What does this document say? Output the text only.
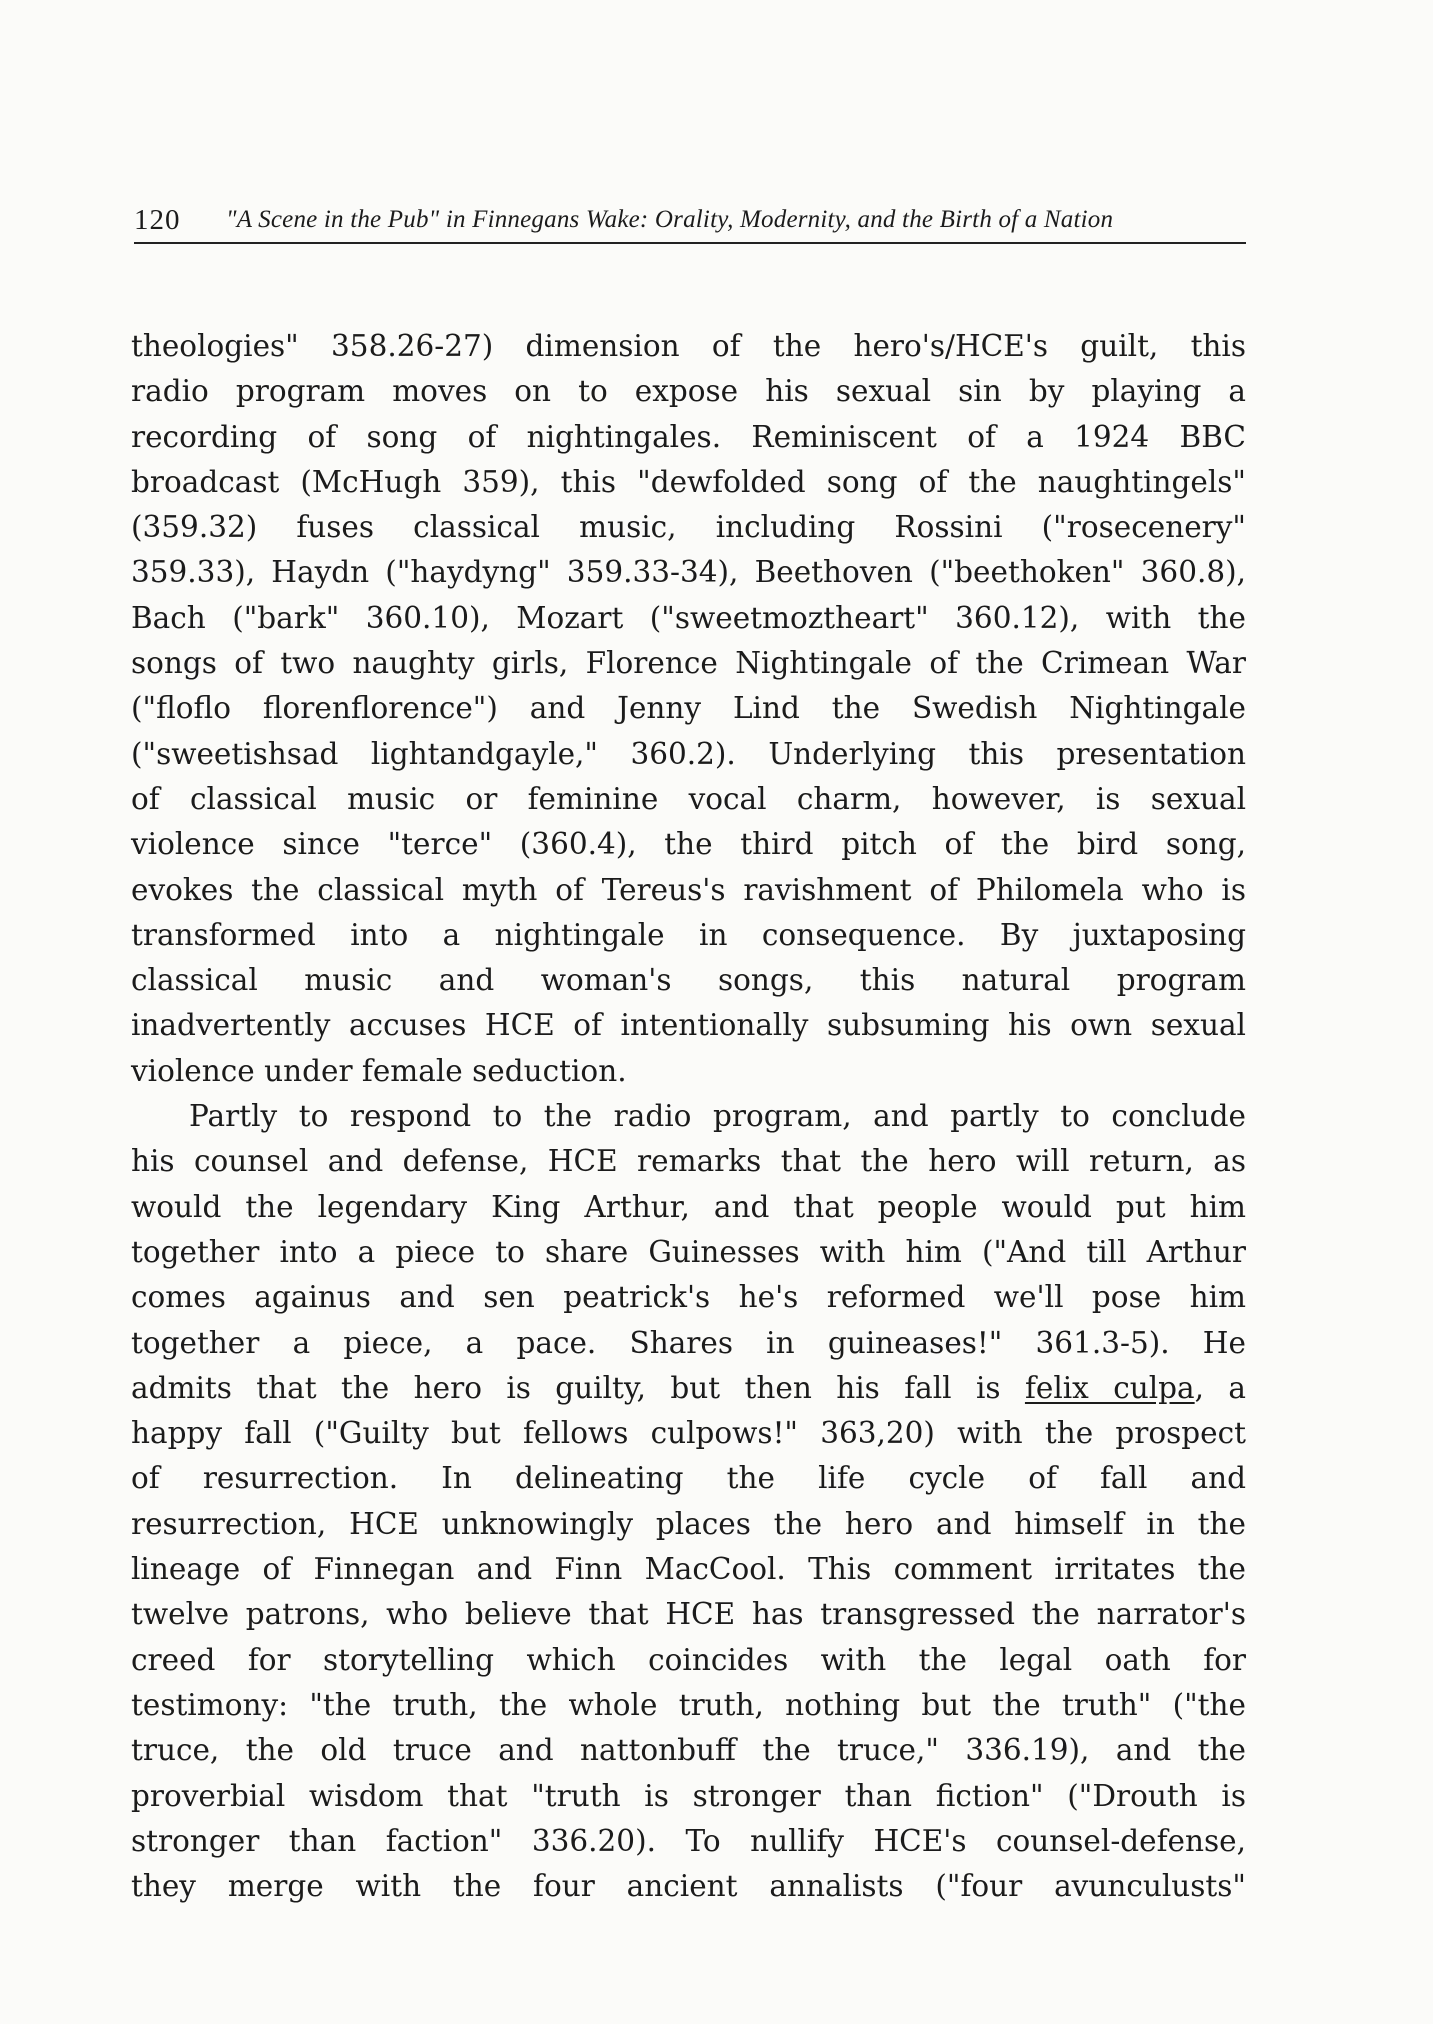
120 "A Scene in the Pub" in Finnegans Wake: Orality, Modernity, and the Birth of a Nation
theologies" 358.26-27) dimension of the hero's/HCE's guilt, this
radio program moves on to expose his sexual sin by playing a
recording of song of nightingales. Reminiscent of a 1924 BBC
broadcast (McHugh 359), this "dewfolded song of the naughtingels"
(359.32) fuses classical music, including Rossini ("rosecenery"
359.33), Haydn ("haydyng" 359.33-34), Beethoven ("beethoken" 360.8),
Bach ("bark" 360.10), Mozart ("sweetmoztheart" 360.12), with the
songs of two naughty girls, Florence Nightingale of the Crimean War
("floflo florenflorence") and Jenny Lind the Swedish Nightingale
("sweetishsad lightandgayle," 360.2). Underlying this presentation
of classical music or feminine vocal charm, however, is sexual
violence since "terce" (360.4), the third pitch of the bird song,
evokes the classical myth of Tereus's ravishment of Philomela who is
transformed into a nightingale in consequence. By juxtaposing
classical music and woman's songs, this natural program
inadvertently accuses HCE of intentionally subsuming his own sexual
violence under female seduction.
Partly to respond to the radio program, and partly to conclude
his counsel and defense, HCE remarks that the hero will return, as
would the legendary King Arthur, and that people would put him
together into a piece to share Guinesses with him ("And till Arthur
comes againus and sen peatrick's he's reformed we'll pose him
together a piece, a pace. Shares in guineases!" 361.3-5). He
admits that the hero is guilty, but then his fall is felix culpa, a
happy fall ("Guilty but fellows culpows!" 363,20) with the prospect
of resurrection. In delineating the life cycle of fall and
resurrection, HCE unknowingly places the hero and himself in the
lineage of Finnegan and Finn MacCool. This comment irritates the
twelve patrons, who believe that HCE has transgressed the narrator's
creed for storytelling which coincides with the legal oath for
testimony: "the truth, the whole truth, nothing but the truth" ("the
truce, the old truce and nattonbuff the truce," 336.19), and the
proverbial wisdom that "truth is stronger than fiction" ("Drouth is
stronger than faction" 336.20). To nullify HCE's counsel-defense,
they merge with the four ancient annalists ("four avunculusts"
